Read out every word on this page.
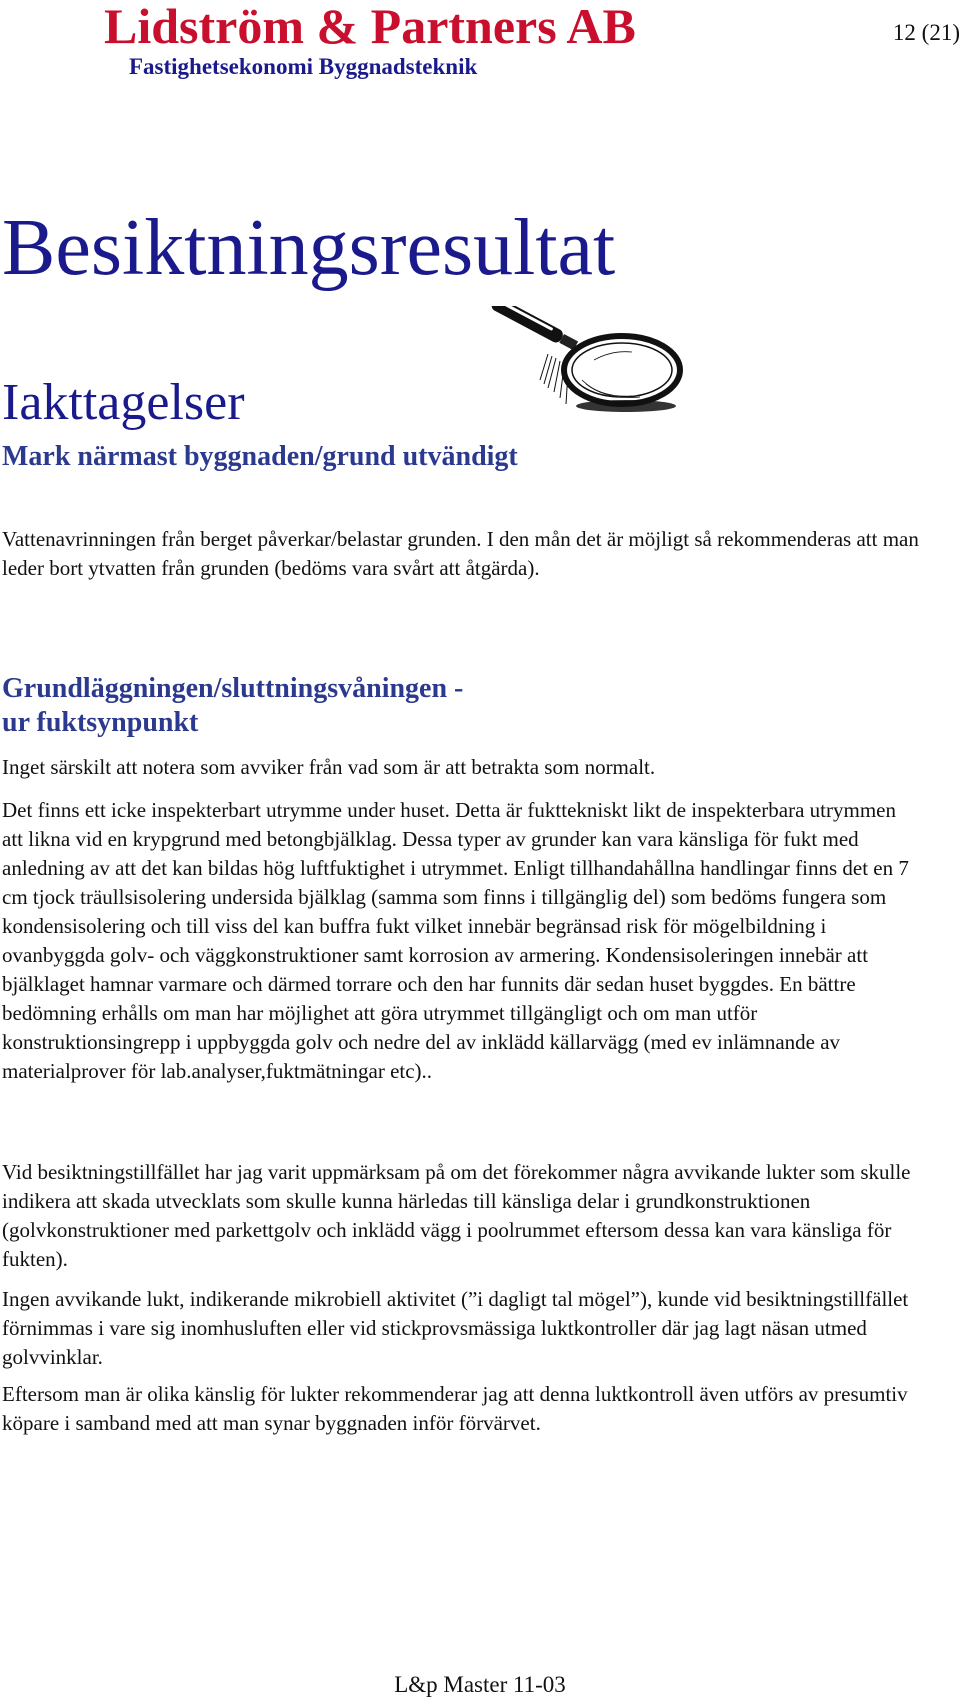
Lidström & Partners AB
Fastighetsekonomi Byggnadsteknik
12 (21)
Besiktningsresultat
Iakttagelser
Mark närmast byggnaden/grund utvändigt

Vattenavrinningen från berget påverkar/belastar grunden. I den mån det är möjligt så rekommenderas att man leder bort ytvatten från grunden (bedöms vara svårt att åtgärda).

Grundläggningen/sluttningsvåningen -
ur fuktsynpunkt

Inget särskilt att notera som avviker från vad som är att betrakta som normalt.

Det finns ett icke inspekterbart utrymme under huset. Detta är fukttekniskt likt de inspekterbara utrymmen att likna vid en krypgrund med betongbjälklag. Dessa typer av grunder kan vara känsliga för fukt med anledning av att det kan bildas hög luftfuktighet i utrymmet. Enligt tillhandahållna handlingar finns det en 7 cm tjock träullsisolering undersida bjälklag (samma som finns i tillgänglig del) som bedöms fungera som kondensisolering och till viss del kan buffra fukt vilket innebär begränsad risk för mögelbildning i ovanbyggda golv- och väggkonstruktioner samt korrosion av armering. Kondensisoleringen innebär att bjälklaget hamnar varmare och därmed torrare och den har funnits där sedan huset byggdes. En bättre bedömning erhålls om man har möjlighet att göra utrymmet tillgängligt och om man utför konstruktionsingrepp i uppbyggda golv och nedre del av inklädd källarvägg (med ev inlämnande av materialprover för lab.analyser,fuktmätningar etc)..

Vid besiktningstillfället har jag varit uppmärksam på om det förekommer några avvikande lukter som skulle indikera att skada utvecklats som skulle kunna härledas till känsliga delar i grundkonstruktionen (golvkonstruktioner med parkettgolv och inklädd vägg i poolrummet eftersom dessa kan vara känsliga för fukten).

Ingen avvikande lukt, indikerande mikrobiell aktivitet (”i dagligt tal mögel”), kunde vid besiktningstillfället förnimmas i vare sig inomhusluften eller vid stickprovsmässiga luktkontroller där jag lagt näsan utmed golvvinklar.

Eftersom man är olika känslig för lukter rekommenderar jag att denna luktkontroll även utförs av presumtiv köpare i samband med att man synar byggnaden inför förvärvet.

L&p Master 11-03
